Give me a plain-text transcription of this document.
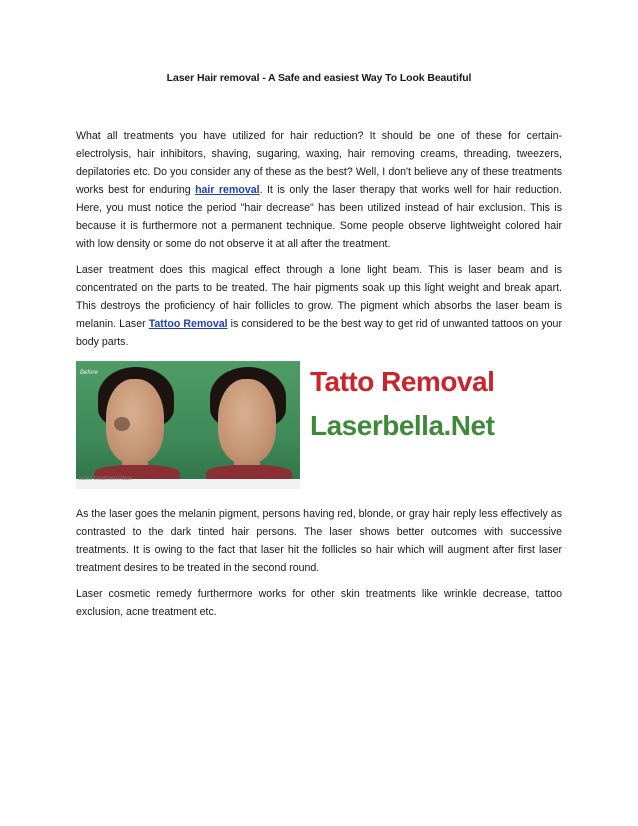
Laser Hair removal - A Safe and easiest Way To Look Beautiful

What all treatments you have utilized for hair reduction? It should be one of these for certain-electrolysis, hair inhibitors, shaving, sugaring, waxing, hair removing creams, threading, tweezers, depilatories etc. Do you consider any of these as the best? Well, I don't believe any of these treatments works best for enduring hair removal. It is only the laser therapy that works well for hair reduction. Here, you must notice the period "hair decrease" has been utilized instead of hair exclusion. This is because it is furthermore not a permanent technique. Some people observe lightweight colored hair with low density or some do not observe it at all after the treatment.

Laser treatment does this magical effect through a lone light beam. This is laser beam and is concentrated on the parts to be treated. The hair pigments soak up this light weight and break apart. This destroys the proficiency of hair follicles to grow. The pigment which absorbs the laser beam is melanin. Laser Tattoo Removal is considered to be the best way to get rid of unwanted tattoos on your body parts.

Before
laser treatment face
Tatto Removal
Laserbella.Net

As the laser goes the melanin pigment, persons having red, blonde, or gray hair reply less effectively as contrasted to the dark tinted hair persons. The laser shows better outcomes with successive treatments. It is owing to the fact that laser hit the follicles so hair which will augment after first laser treatment desires to be treated in the second round.

Laser cosmetic remedy furthermore works for other skin treatments like wrinkle decrease, tattoo exclusion, acne treatment etc.
